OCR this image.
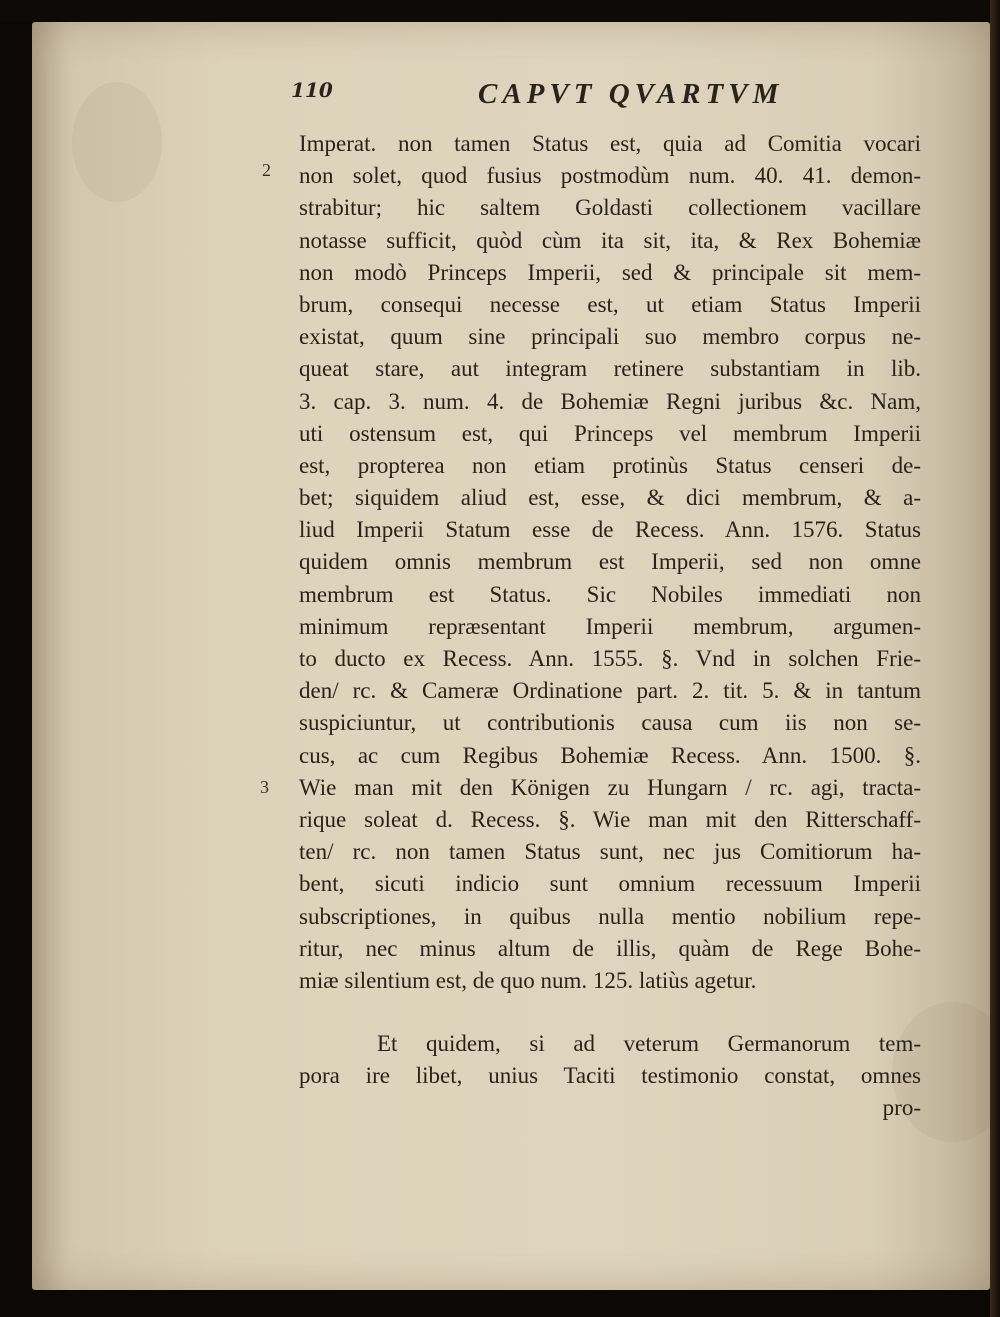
110	CAPVT QVARTVM
2
3
Imperat. non tamen Status est, quia ad Comitia vocari
non solet, quod fusius postmodùm num. 40. 41. demon-
strabitur; hic saltem Goldasti collectionem vacillare
notasse sufficit, quòd cùm ita sit, ita, & Rex Bohemiæ
non modò Princeps Imperii, sed & principale sit mem-
brum, consequi necesse est, ut etiam Status Imperii
existat, quum sine principali suo membro corpus ne-
queat stare, aut integram retinere substantiam in lib.
3. cap. 3. num. 4. de Bohemiæ Regni juribus &c. Nam,
uti ostensum est, qui Princeps vel membrum Imperii
est, propterea non etiam protinùs Status censeri de-
bet; siquidem aliud est, esse, & dici membrum, & a-
liud Imperii Statum esse de Recess. Ann. 1576. Status
quidem omnis membrum est Imperii, sed non omne
membrum est Status. Sic Nobiles immediati non
minimum repræsentant Imperii membrum, argumen-
to ducto ex Recess. Ann. 1555. §. Vnd in solchen Frie-
den/ rc. & Cameræ Ordinatione part. 2. tit. 5. & in tantum
suspiciuntur, ut contributionis causa cum iis non se-
cus, ac cum Regibus Bohemiæ Recess. Ann. 1500. §.
Wie man mit den Königen zu Hungarn / rc. agi, tracta-
rique soleat d. Recess. §. Wie man mit den Ritterschaff-
ten/ rc. non tamen Status sunt, nec jus Comitiorum ha-
bent, sicuti indicio sunt omnium recessuum Imperii
subscriptiones, in quibus nulla mentio nobilium repe-
ritur, nec minus altum de illis, quàm de Rege Bohe-
miæ silentium est, de quo num. 125. latiùs agetur.
Et quidem, si ad veterum Germanorum tem-
pora ire libet, unius Taciti testimonio constat, omnes
pro-
